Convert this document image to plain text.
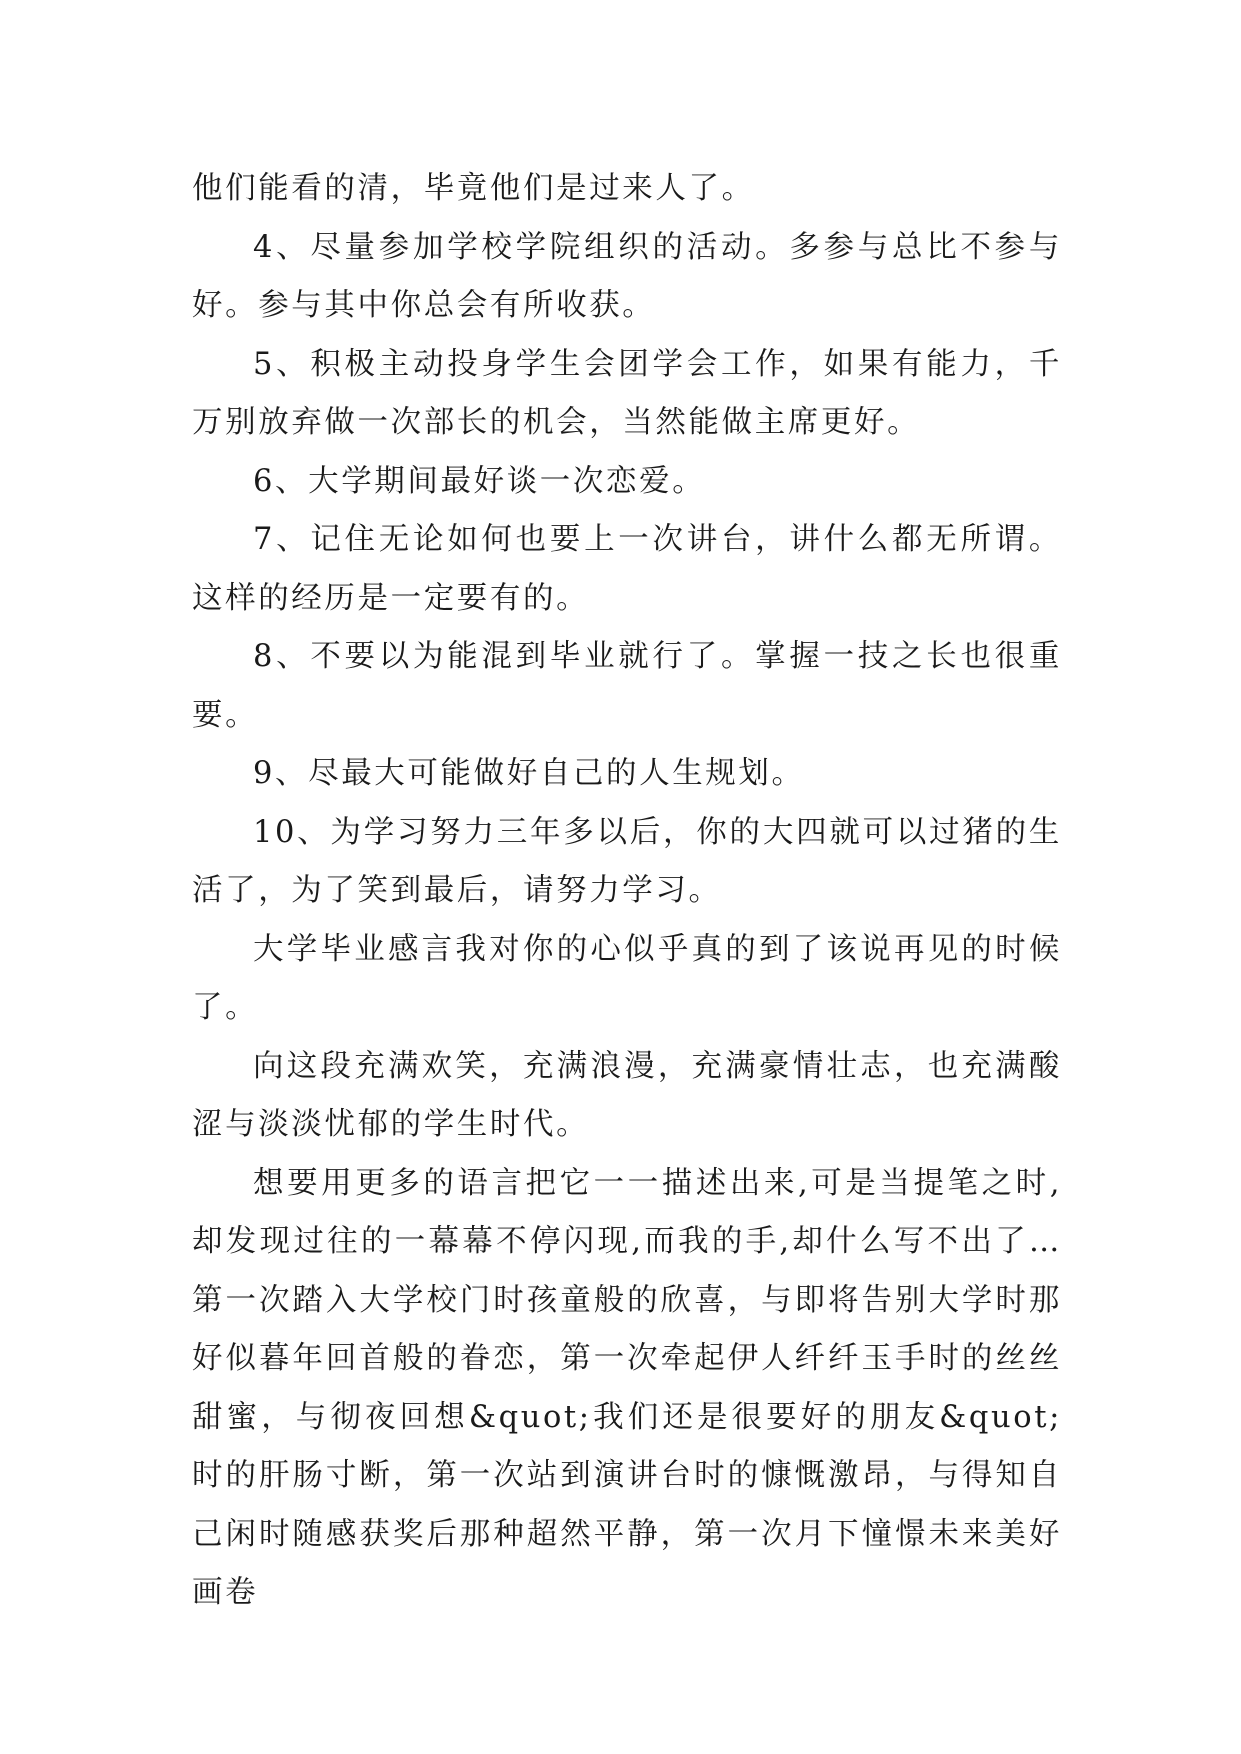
他们能看的清，毕竟他们是过来人了。

4、尽量参加学校学院组织的活动。多参与总比不参与好。参与其中你总会有所收获。

5、积极主动投身学生会团学会工作，如果有能力，千万别放弃做一次部长的机会，当然能做主席更好。

6、大学期间最好谈一次恋爱。

7、记住无论如何也要上一次讲台，讲什么都无所谓。这样的经历是一定要有的。

8、不要以为能混到毕业就行了。掌握一技之长也很重要。

9、尽最大可能做好自己的人生规划。

10、为学习努力三年多以后，你的大四就可以过猪的生活了，为了笑到最后，请努力学习。

大学毕业感言我对你的心似乎真的到了该说再见的时候了。

向这段充满欢笑，充满浪漫，充满豪情壮志，也充满酸涩与淡淡忧郁的学生时代。

想要用更多的语言把它一一描述出来,可是当提笔之时,却发现过往的一幕幕不停闪现,而我的手,却什么写不出了…第一次踏入大学校门时孩童般的欣喜，与即将告别大学时那好似暮年回首般的眷恋，第一次牵起伊人纤纤玉手时的丝丝甜蜜，与彻夜回想&quot;我们还是很要好的朋友&quot;时的肝肠寸断，第一次站到演讲台时的慷慨激昂，与得知自己闲时随感获奖后那种超然平静，第一次月下憧憬未来美好画卷
